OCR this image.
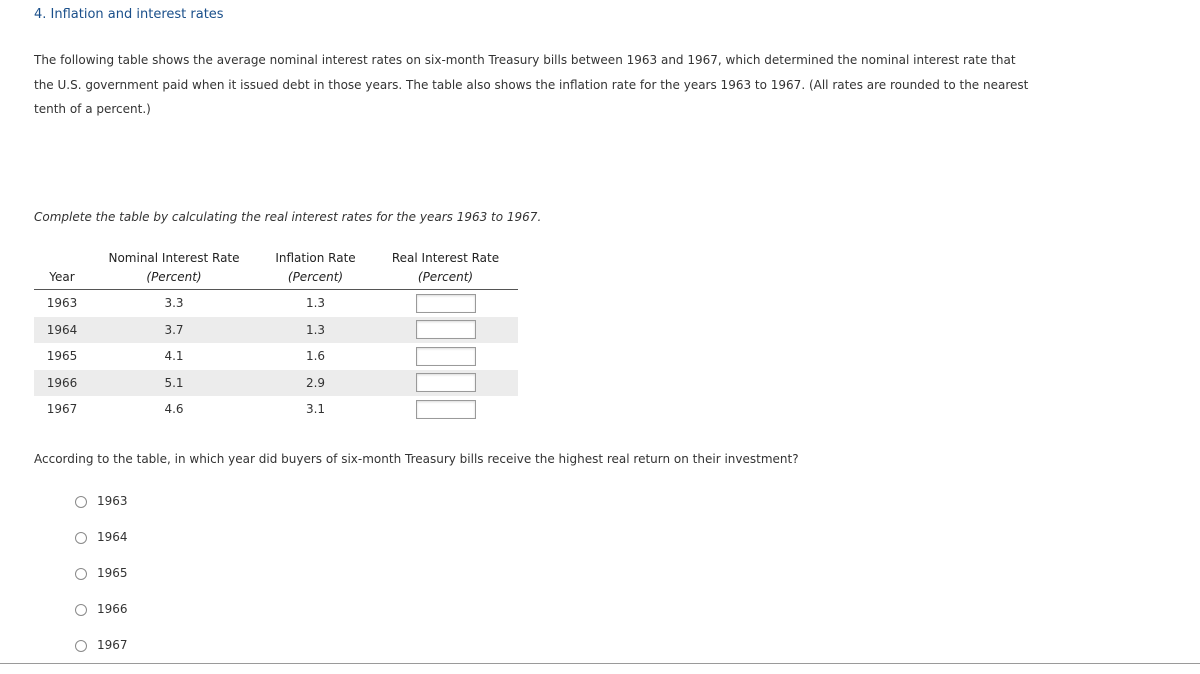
4. Inflation and interest rates
The following table shows the average nominal interest rates on six-month Treasury bills between 1963 and 1967, which determined the nominal interest rate that the U.S. government paid when it issued debt in those years. The table also shows the inflation rate for the years 1963 to 1967. (All rates are rounded to the nearest tenth of a percent.)
Complete the table by calculating the real interest rates for the years 1963 to 1967.
	Nominal Interest Rate	Inflation Rate	Real Interest Rate
Year	(Percent)	(Percent)	(Percent)
1963	3.3	1.3	
1964	3.7	1.3	
1965	4.1	1.6	
1966	5.1	2.9	
1967	4.6	3.1	
According to the table, in which year did buyers of six-month Treasury bills receive the highest real return on their investment?
1963
1964
1965
1966
1967
